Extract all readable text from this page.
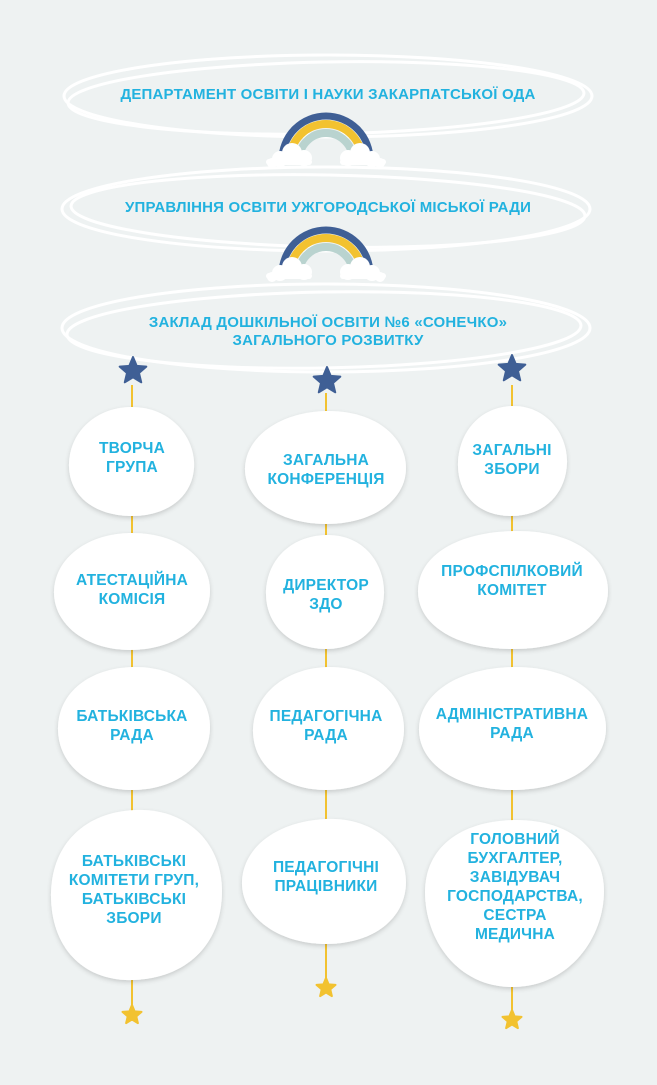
ДЕПАРТАМЕНТ ОСВІТИ І НАУКИ ЗАКАРПАТСЬКОЇ ОДА
УПРАВЛІННЯ ОСВІТИ УЖГОРОДСЬКОЇ МІСЬКОЇ РАДИ
ЗАКЛАД ДОШКІЛЬНОЇ ОСВІТИ №6 «СОНЕЧКО»
ЗАГАЛЬНОГО РОЗВИТКУ
ТВОРЧА
ГРУПА
АТЕСТАЦІЙНА
КОМІСІЯ
БАТЬКІВСЬКА
РАДА
БАТЬКІВСЬКІ
КОМІТЕТИ ГРУП,
БАТЬКІВСЬКІ
ЗБОРИ
ЗАГАЛЬНА
КОНФЕРЕНЦІЯ
ДИРЕКТОР
ЗДО
ПЕДАГОГІЧНА
РАДА
ПЕДАГОГІЧНІ
ПРАЦІВНИКИ
ЗАГАЛЬНІ
ЗБОРИ
ПРОФСПІЛКОВИЙ
КОМІТЕТ
АДМІНІСТРАТИВНА
РАДА
ГОЛОВНИЙ
БУХГАЛТЕР,
ЗАВІДУВАЧ
ГОСПОДАРСТВА,
СЕСТРА
МЕДИЧНА
